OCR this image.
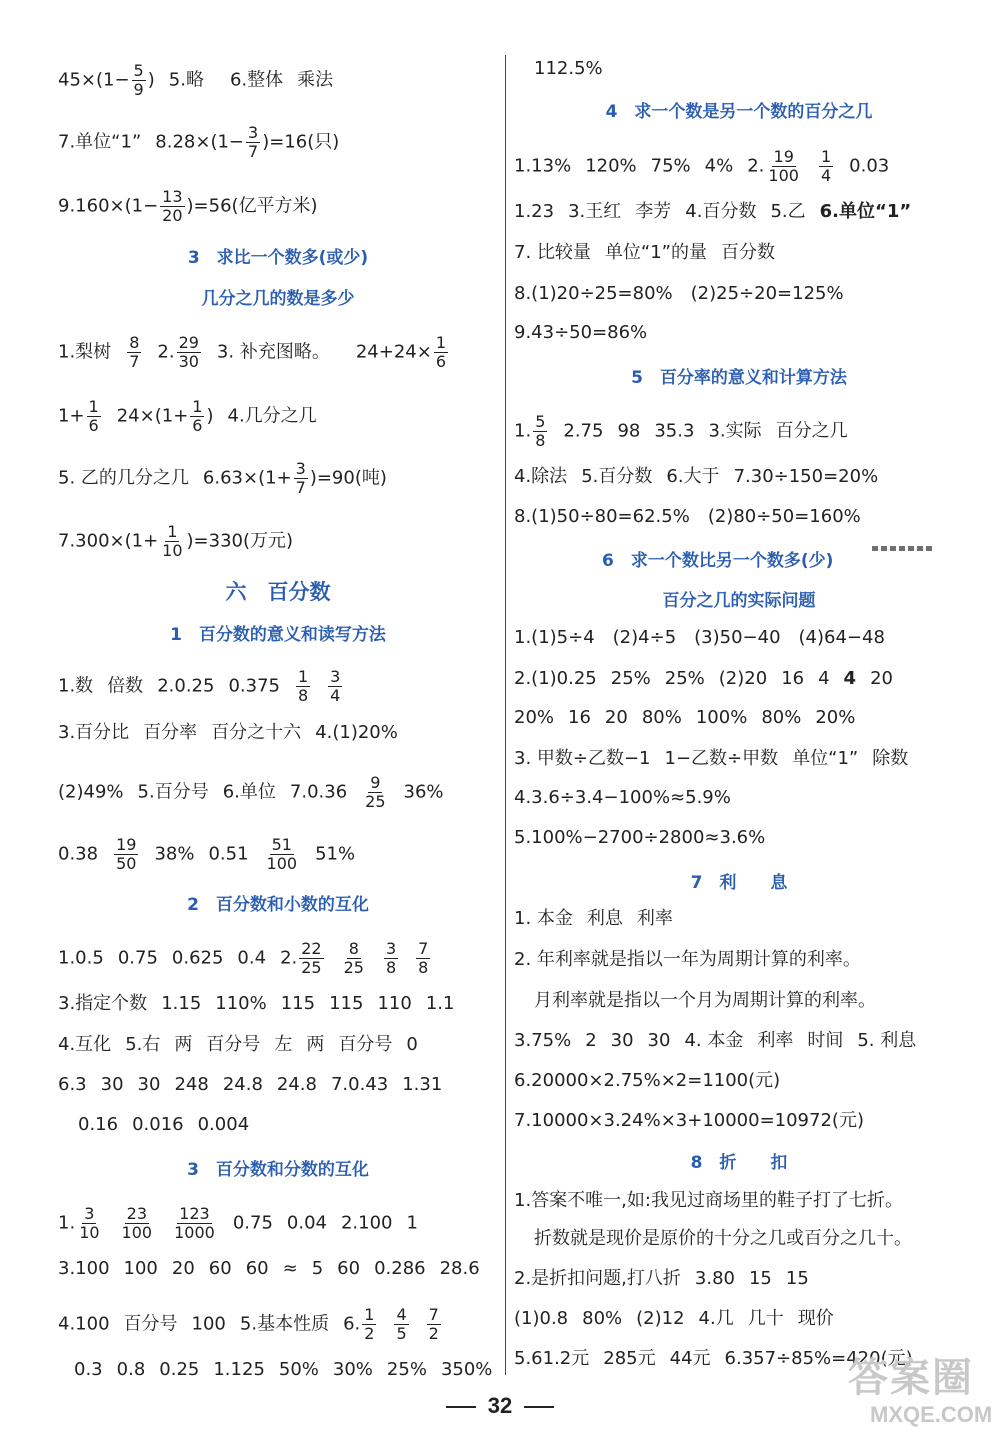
$45\times(1- \frac{5}{9}$ ) 5.略 6.整体 乘法
7.单位“1” $8.28\times(1- \frac{3}{7} )=16$(只)
$9.160\times(1- \frac{13}{20} )=56$(亿平方米)
3　求比一个数多(或少)
几分之几的数是多少
1.梨树 $\frac{8}{7} 2$. $\frac{29}{30} 3$. 补充图略。 $24+24\times \frac{1}{6}$
$1+ \frac{1}{6} 24\times(1+ \frac{1}{6}$ ) 4.几分之几
5. 乙的几分之几 $6.63\times(1+ \frac{3}{7} )=90$(吨)
$7.300\times(1+ \frac{1}{10} )=330$(万元)
六　百分数
1　百分数的意义和读写方法
1.数 倍数 2.0.25 $0.375 \frac{1}{8} \frac{3}{4}$
3.百分比 百分率 百分之十六 4.(1)20%
(2)49% 5.百分号 6.单位 $7.0.36 \frac{9}{25} 36\%$
$0.38 \frac{19}{50} 38\%$ $0.51 \frac{51}{100} 51\%$
2　百分数和小数的互化
1.0.5 0.75 0.625 0.4 2. $\frac{22}{25} \frac{8}{25} \frac{3}{8} \frac{7}{8}$
3.指定个数 1.15 110% 115 115 110 1.1
4.互化 5.右 两 百分号 左 两 百分号 0
6.3 30 30 248 24.8 24.8 7.0.43 1.31
0.16 0.016 0.004
3　百分数和分数的互化
1. $\frac{3}{10} \frac{23}{100} \frac{123}{1000} 0.75$ 0.04 2.100 1
3.100 100 20 60 60 ≈ 5 60 0.286 28.6
4.100 百分号 100 5.基本性质 6. $\frac{1}{2} \frac{4}{5} \frac{7}{2}$
0.3 0.8 0.25 1.125 50% 30% 25% 350%
112.5%
4　求一个数是另一个数的百分之几
1.13% 120% 75% 4% 2. $\frac{19}{100} \frac{1}{4} 0.03$
1.23 3.王红 李芳 4.百分数 5.乙 6.单位“1”
7. 比较量 单位“1”的量 百分数
8.(1)20÷25=80%　(2)25÷20=125%
9.43÷50=86%
5　百分率的意义和计算方法
1. $\frac{5}{8} 2.75$ 98 35.3 3.实际 百分之几
4.除法 5.百分数 6.大于 7.30÷150=20%
8.(1)50÷80=62.5%　(2)80÷50=160%
6　求一个数比另一个数多(少)
百分之几的实际问题
1.(1)5÷4　(2)4÷5　(3)50−40　(4)64−48
2.(1)0.25 25% 25% (2)20 16 4 4 20
20% 16 20 80% 100% 80% 20%
3. 甲数÷乙数−1 1−乙数÷甲数 单位“1” 除数
4.3.6÷3.4−100%≈5.9%
5.100%−2700÷2800≈3.6%
7　利　　息
1. 本金 利息 利率
2. 年利率就是指以一年为周期计算的利率。
月利率就是指以一个月为周期计算的利率。
3.75% 2 30 30 4. 本金 利率 时间 5. 利息
6.20000×2.75%×2=1100(元)
7.10000×3.24%×3+10000=10972(元)
8　折　　扣
1.答案不唯一,如:我见过商场里的鞋子打了七折。
折数就是现价是原价的十分之几或百分之几十。
2.是折扣问题,打八折 3.80 15 15
(1)0.8 80% (2)12 4.几 几十 现价
5.61.2元 285元 44元 6.357÷85%=420(元)
32
答案圈
MXQE.COM
